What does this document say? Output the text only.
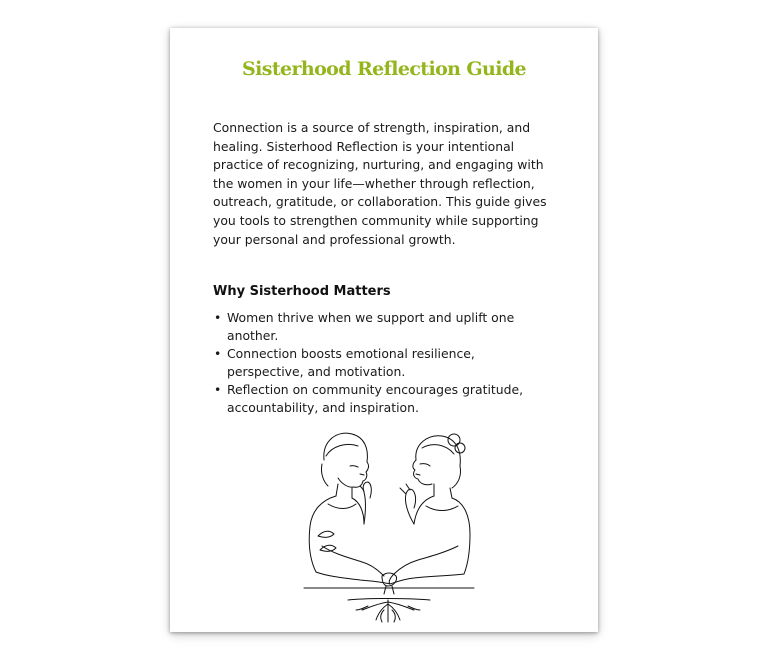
Sisterhood Reflection Guide

Connection is a source of strength, inspiration, and healing. Sisterhood Reflection is your intentional practice of recognizing, nurturing, and engaging with the women in your life—whether through reflection, outreach, gratitude, or collaboration. This guide gives you tools to strengthen community while supporting your personal and professional growth.

Why Sisterhood Matters
• Women thrive when we support and uplift one another.
• Connection boosts emotional resilience, perspective, and motivation.
• Reflection on community encourages gratitude, accountability, and inspiration.
